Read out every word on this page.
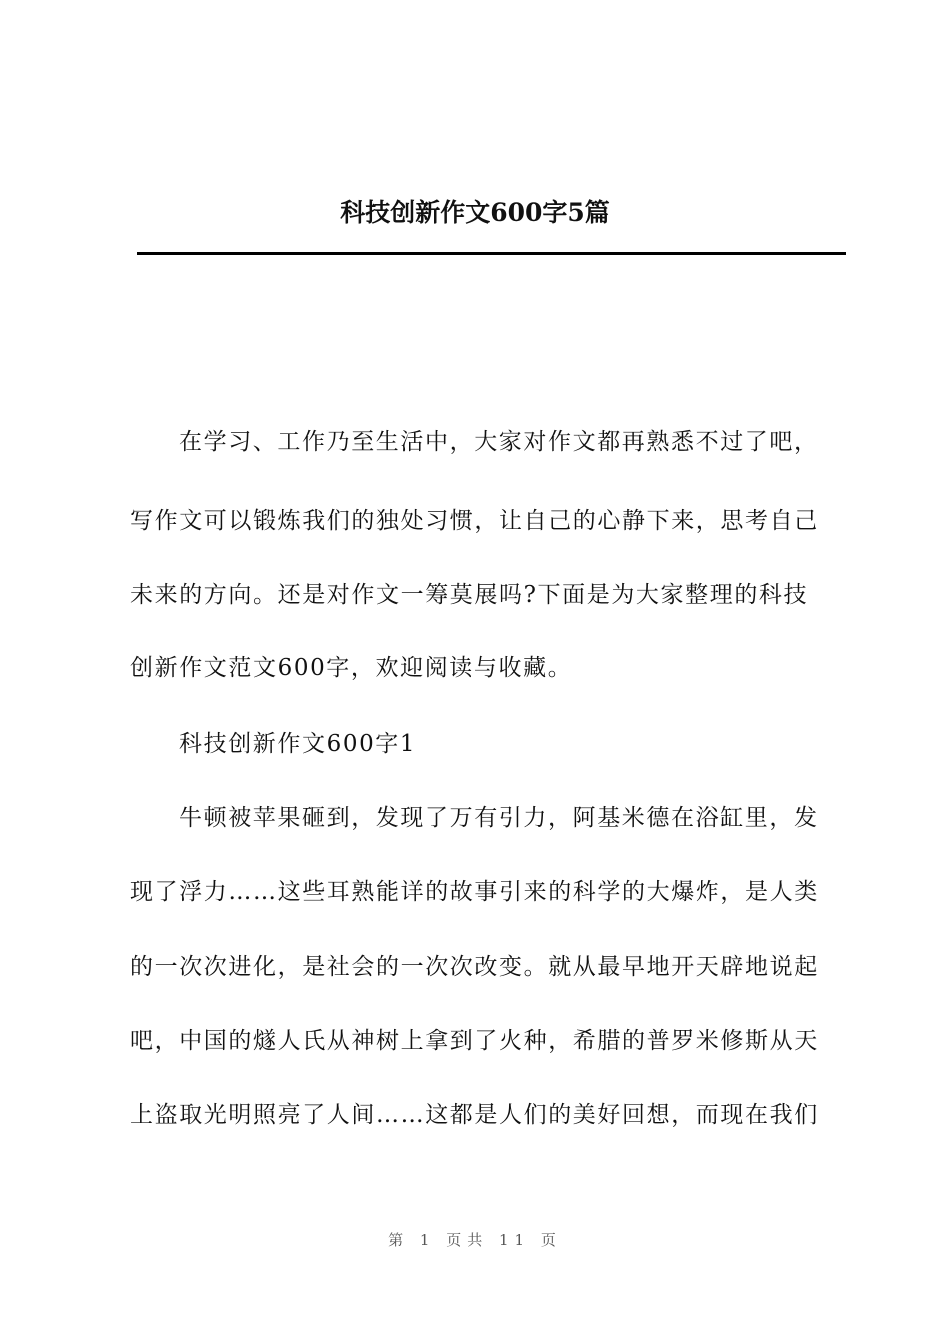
科技创新作文600字5篇
在学习、工作乃至生活中，大家对作文都再熟悉不过了吧，
写作文可以锻炼我们的独处习惯，让自己的心静下来，思考自己
未来的方向。还是对作文一筹莫展吗?下面是为大家整理的科技
创新作文范文600字，欢迎阅读与收藏。
科技创新作文600字1
牛顿被苹果砸到，发现了万有引力，阿基米德在浴缸里，发
现了浮力……这些耳熟能详的故事引来的科学的大爆炸，是人类
的一次次进化，是社会的一次次改变。就从最早地开天辟地说起
吧，中国的燧人氏从神树上拿到了火种，希腊的普罗米修斯从天
上盗取光明照亮了人间……这都是人们的美好回想，而现在我们
第 1 页共 11 页
